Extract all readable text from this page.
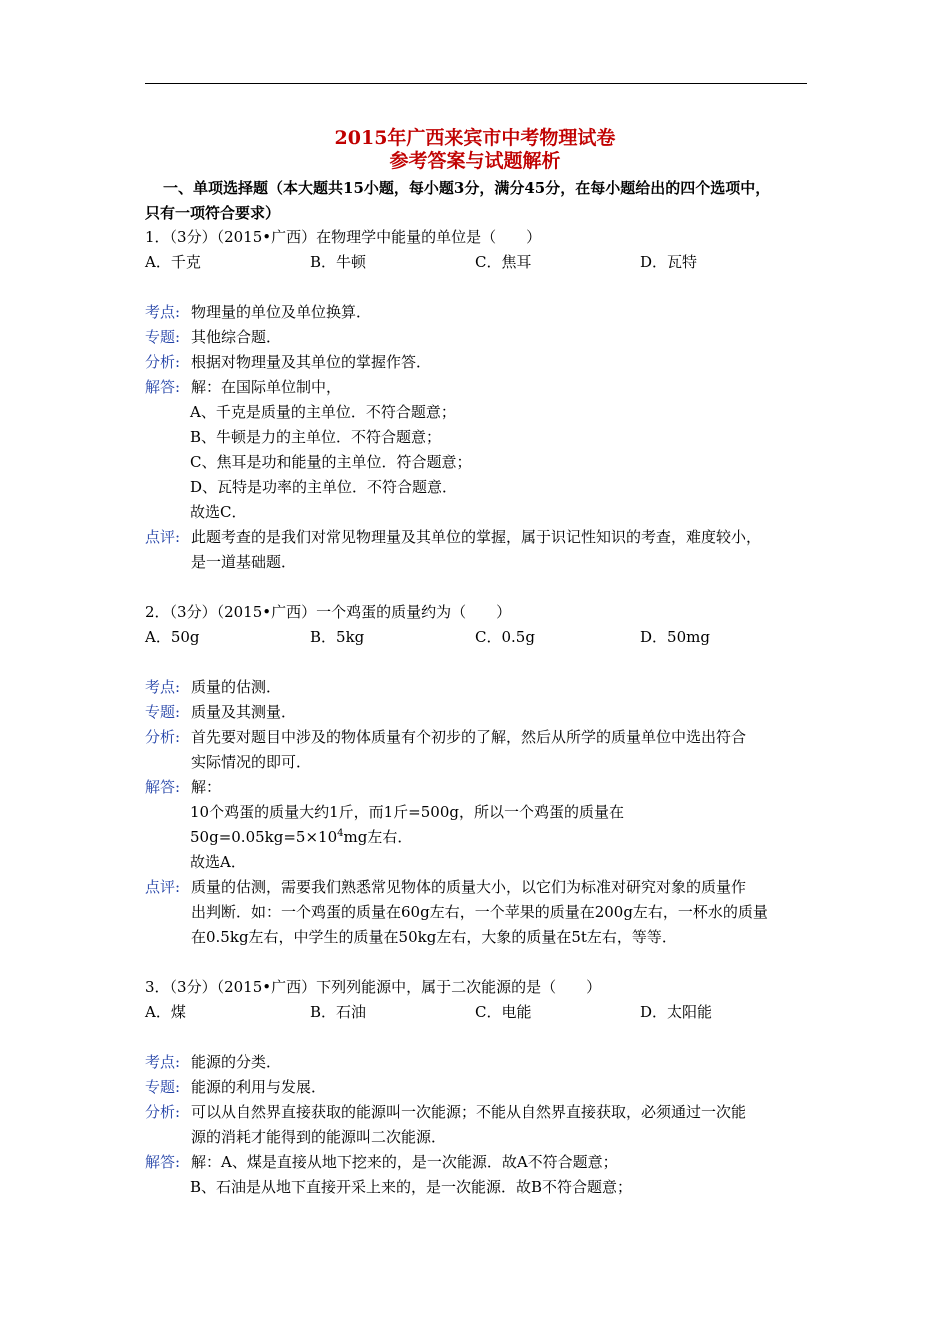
2015年广西来宾市中考物理试卷
参考答案与试题解析
一、单项选择题（本大题共15小题，每小题3分，满分45分，在每小题给出的四个选项中，
只有一项符合要求）
1．（3分）（2015•广西）在物理学中能量的单位是（　　）
A．千克	B．牛顿	C．焦耳	D．瓦特
考点: 物理量的单位及单位换算．
专题: 其他综合题．
分析: 根据对物理量及其单位的掌握作答．
解答: 解：在国际单位制中，
A、千克是质量的主单位．不符合题意；
B、牛顿是力的主单位．不符合题意；
C、焦耳是功和能量的主单位．符合题意；
D、瓦特是功率的主单位．不符合题意．
故选C．
点评: 此题考查的是我们对常见物理量及其单位的掌握，属于识记性知识的考查，难度较小，
是一道基础题．
2．（3分）（2015•广西）一个鸡蛋的质量约为（　　）
A．50g	B．5kg	C．0.5g	D．50mg
考点: 质量的估测．
专题: 质量及其测量．
分析: 首先要对题目中涉及的物体质量有个初步的了解，然后从所学的质量单位中选出符合
实际情况的即可．
解答: 解：
10个鸡蛋的质量大约1斤，而1斤=500g，所以一个鸡蛋的质量在
$50g=0.05kg=5\times 10^4mg$左右．
故选A．
点评: 质量的估测，需要我们熟悉常见物体的质量大小，以它们为标准对研究对象的质量作
出判断．如：一个鸡蛋的质量在60g左右，一个苹果的质量在200g左右，一杯水的质量
在0.5kg左右，中学生的质量在50kg左右，大象的质量在5t左右，等等．
3．（3分）（2015•广西）下列列能源中，属于二次能源的是（　　）
A．煤	B．石油	C．电能	D．太阳能
考点: 能源的分类．
专题: 能源的利用与发展．
分析: 可以从自然界直接获取的能源叫一次能源；不能从自然界直接获取，必须通过一次能
源的消耗才能得到的能源叫二次能源．
解答: 解：A、煤是直接从地下挖来的，是一次能源．故A不符合题意；
B、石油是从地下直接开采上来的，是一次能源．故B不符合题意；
